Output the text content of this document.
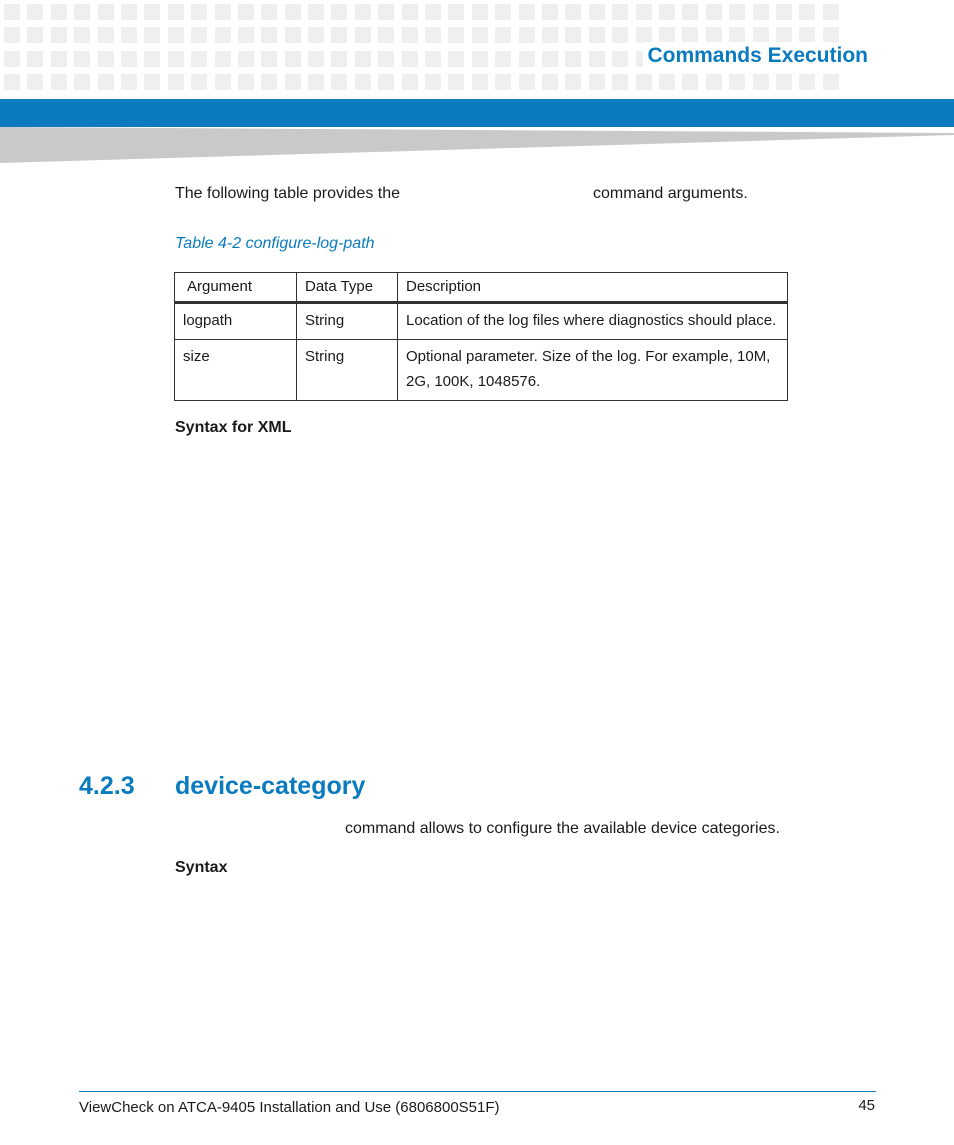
Commands Execution
The following table provides the	command arguments.
Table 4-2 configure-log-path
Argument	Data Type	Description
logpath	String	Location of the log files where diagnostics should place.
size	String	Optional parameter. Size of the log. For example, 10M, 2G, 100K, 1048576.
Syntax for XML
4.2.3 device-category
command allows to configure the available device categories.
Syntax
ViewCheck on ATCA-9405 Installation and Use (6806800S51F)	45
